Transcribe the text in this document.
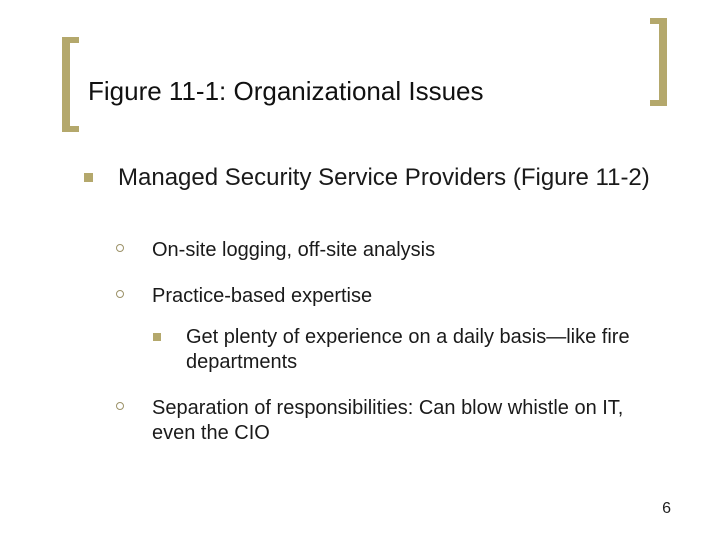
Figure 11-1: Organizational Issues
Managed Security Service Providers (Figure 11-2)
On-site logging, off-site analysis
Practice-based expertise
Get plenty of experience on a daily basis—like fire departments
Separation of responsibilities: Can blow whistle on IT, even the CIO
6
